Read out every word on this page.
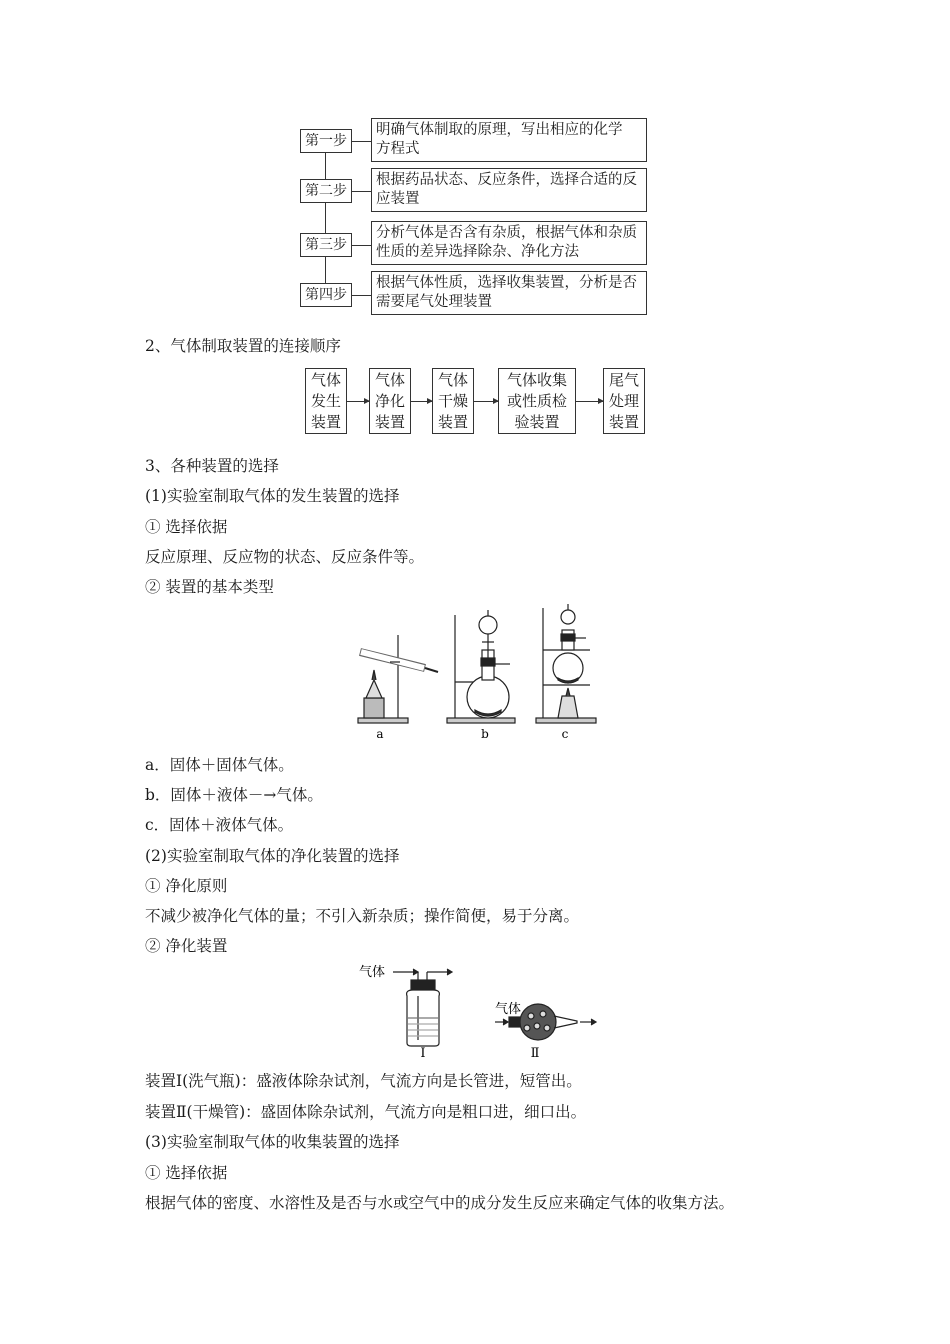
第一步
明确气体制取的原理，写出相应的化学
方程式
第二步
根据药品状态、反应条件，选择合适的反
应装置
第三步
分析气体是否含有杂质，根据气体和杂质
性质的差异选择除杂、净化方法
第四步
根据气体性质，选择收集装置，分析是否
需要尾气处理装置
2、气体制取装置的连接顺序
气体
发生
装置
气体
净化
装置
气体
干燥
装置
气体收集
或性质检
验装置
尾气
处理
装置
3、各种装置的选择
(1)实验室制取气体的发生装置的选择
① 选择依据
反应原理、反应物的状态、反应条件等。
② 装置的基本类型
a	b	c
a．固体＋固体气体。
b．固体＋液体－→气体。
c．固体＋液体气体。
(2)实验室制取气体的净化装置的选择
① 净化原则
不减少被净化气体的量；不引入新杂质；操作简便，易于分离。
② 净化装置
气体
气体
Ⅰ	Ⅱ
装置Ⅰ(洗气瓶)：盛液体除杂试剂，气流方向是长管进，短管出。
装置Ⅱ(干燥管)：盛固体除杂试剂，气流方向是粗口进，细口出。
(3)实验室制取气体的收集装置的选择
① 选择依据
根据气体的密度、水溶性及是否与水或空气中的成分发生反应来确定气体的收集方法。
